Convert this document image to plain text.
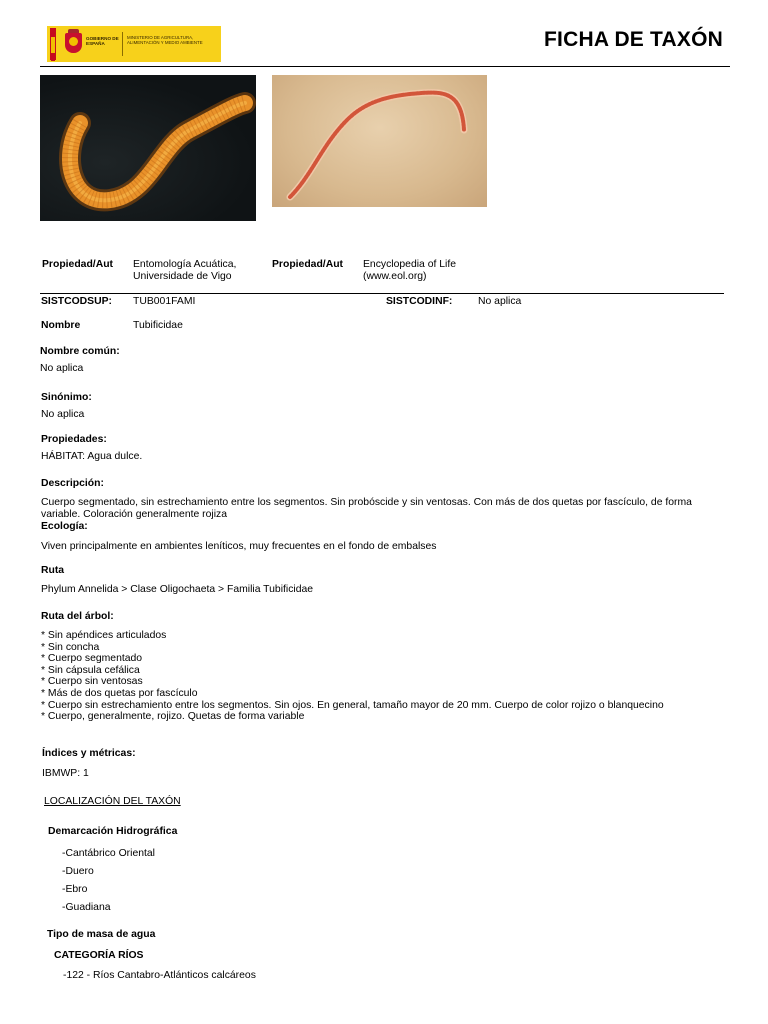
GOBIERNO DE ESPAÑA
MINISTERIO DE AGRICULTURA, ALIMENTACIÓN Y MEDIO AMBIENTE	FICHA DE TAXÓN
Propiedad/Aut Entomología Acuática,
Universidade de Vigo
Propiedad/Aut Encyclopedia of Life
(www.eol.org)
SISTCODSUP: TUB001FAMI	SISTCODINF: No aplica
Nombre	Tubificidae
Nombre común:
No aplica
Sinónimo:
No aplica
Propiedades:
HÁBITAT: Agua dulce.
Descripción:
Cuerpo segmentado, sin estrechamiento entre los segmentos. Sin probóscide y sin ventosas. Con más de dos quetas por fascículo, de forma
variable. Coloración generalmente rojiza
Ecología:
Viven principalmente en ambientes leníticos, muy frecuentes en el fondo de embalses
Ruta
Phylum Annelida > Clase Oligochaeta > Familia Tubificidae
Ruta del árbol:
* Sin apéndices articulados
* Sin concha
* Cuerpo segmentado
* Sin cápsula cefálica
* Cuerpo sin ventosas
* Más de dos quetas por fascículo
* Cuerpo sin estrechamiento entre los segmentos. Sin ojos. En general, tamaño mayor de 20 mm. Cuerpo de color rojizo o blanquecino
* Cuerpo, generalmente, rojizo. Quetas de forma variable
Índices y métricas:
IBMWP: 1
LOCALIZACIÓN DEL TAXÓN
Demarcación Hidrográfica
-Cantábrico Oriental
-Duero
-Ebro
-Guadiana
Tipo de masa de agua
CATEGORÍA RÍOS
-122 - Ríos Cantabro-Atlánticos calcáreos
